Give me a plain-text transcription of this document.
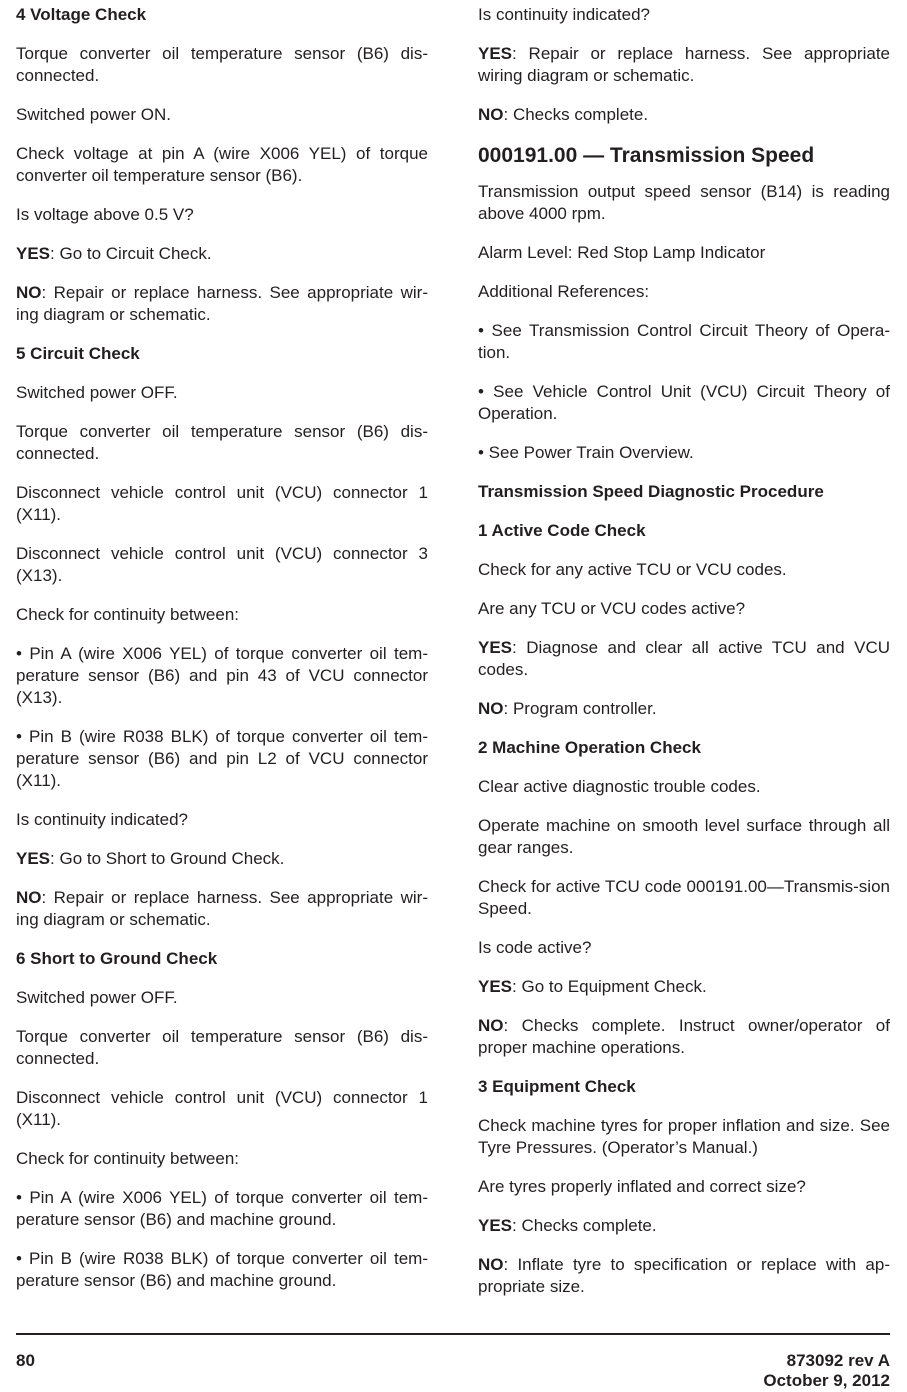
4 Voltage Check
Torque converter oil temperature sensor (B6) dis-connected.
Switched power ON.
Check voltage at pin A (wire X006 YEL) of torque converter oil temperature sensor (B6).
Is voltage above 0.5 V?
YES: Go to Circuit Check.
NO: Repair or replace harness. See appropriate wir-ing diagram or schematic.
5 Circuit Check
Switched power OFF.
Torque converter oil temperature sensor (B6) dis-connected.
Disconnect vehicle control unit (VCU) connector 1 (X11).
Disconnect vehicle control unit (VCU) connector 3 (X13).
Check for continuity between:
• Pin A (wire X006 YEL) of torque converter oil tem-perature sensor (B6) and pin 43 of VCU connector (X13).
• Pin B (wire R038 BLK) of torque converter oil tem-perature sensor (B6) and pin L2 of VCU connector (X11).
Is continuity indicated?
YES: Go to Short to Ground Check.
NO: Repair or replace harness. See appropriate wir-ing diagram or schematic.
6 Short to Ground Check
Switched power OFF.
Torque converter oil temperature sensor (B6) dis-connected.
Disconnect vehicle control unit (VCU) connector 1 (X11).
Check for continuity between:
• Pin A (wire X006 YEL) of torque converter oil tem-perature sensor (B6) and machine ground.
• Pin B (wire R038 BLK) of torque converter oil tem-perature sensor (B6) and machine ground.
Is continuity indicated?
YES: Repair or replace harness. See appropriate wiring diagram or schematic.
NO: Checks complete.
000191.00 — Transmission Speed
Transmission output speed sensor (B14) is reading above 4000 rpm.
Alarm Level: Red Stop Lamp Indicator
Additional References:
• See Transmission Control Circuit Theory of Opera-tion.
• See Vehicle Control Unit (VCU) Circuit Theory of Operation.
• See Power Train Overview.
Transmission Speed Diagnostic Procedure
1 Active Code Check
Check for any active TCU or VCU codes.
Are any TCU or VCU codes active?
YES: Diagnose and clear all active TCU and VCU codes.
NO: Program controller.
2 Machine Operation Check
Clear active diagnostic trouble codes.
Operate machine on smooth level surface through all gear ranges.
Check for active TCU code 000191.00—Transmis-sion Speed.
Is code active?
YES: Go to Equipment Check.
NO: Checks complete. Instruct owner/operator of proper machine operations.
3 Equipment Check
Check machine tyres for proper inflation and size. See Tyre Pressures. (Operator’s Manual.)
Are tyres properly inflated and correct size?
YES: Checks complete.
NO: Inflate tyre to specification or replace with ap-propriate size.
80	873092 rev A
October 9, 2012
